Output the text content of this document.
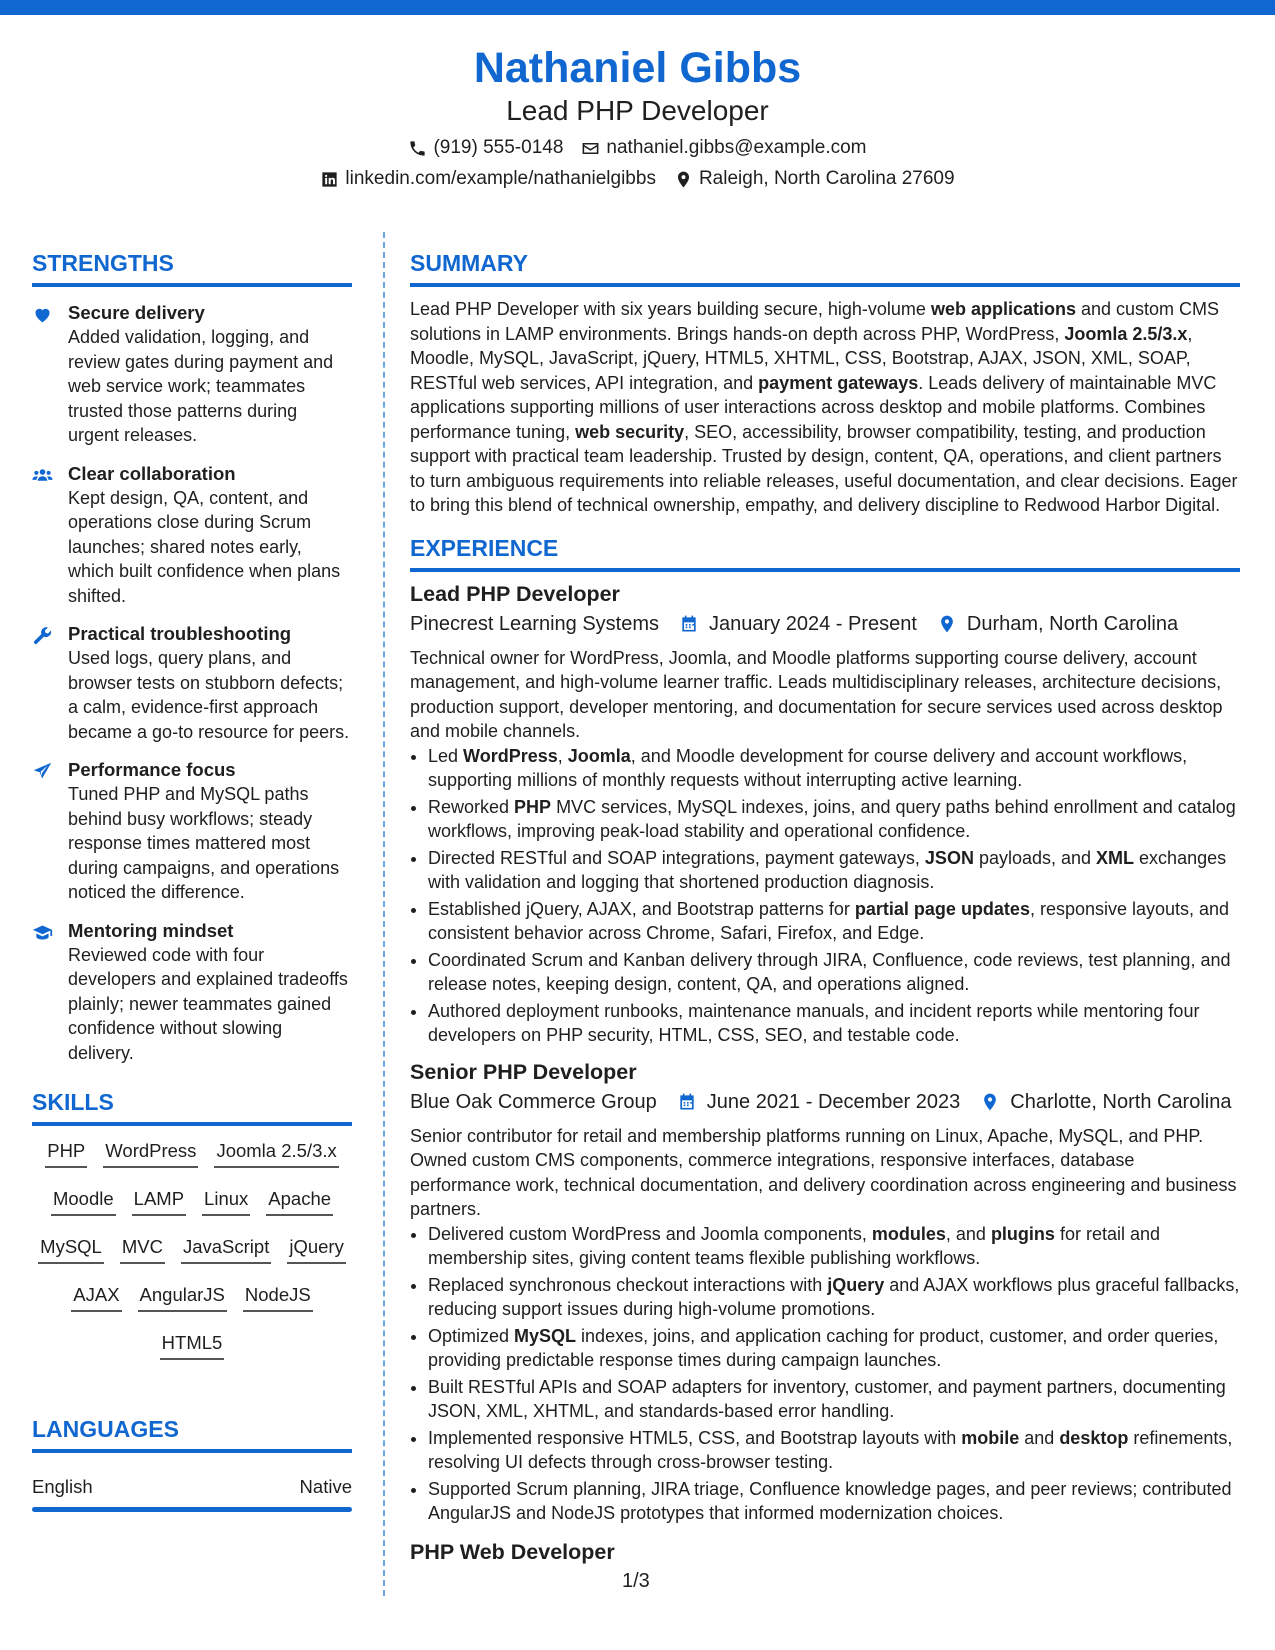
Nathaniel Gibbs
Lead PHP Developer
(919) 555-0148 nathaniel.gibbs@example.com
linkedin.com/example/nathanielgibbs Raleigh, North Carolina 27609
STRENGTHS
Secure delivery
Added validation, logging, and review gates during payment and web service work; teammates trusted those patterns during urgent releases.
Clear collaboration
Kept design, QA, content, and operations close during Scrum launches; shared notes early, which built confidence when plans shifted.
Practical troubleshooting
Used logs, query plans, and browser tests on stubborn defects; a calm, evidence-first approach became a go-to resource for peers.
Performance focus
Tuned PHP and MySQL paths behind busy workflows; steady response times mattered most during campaigns, and operations noticed the difference.
Mentoring mindset
Reviewed code with four developers and explained tradeoffs plainly; newer teammates gained confidence without slowing delivery.
SKILLS
PHP WordPress Joomla 2.5/3.x
Moodle LAMP Linux Apache
MySQL MVC JavaScript jQuery
AJAX AngularJS NodeJS
HTML5
LANGUAGES
English	Native
SUMMARY

Lead PHP Developer with six years building secure, high-volume web applications and custom CMS solutions in LAMP environments. Brings hands-on depth across PHP, WordPress, Joomla 2.5/3.x, Moodle, MySQL, JavaScript, jQuery, HTML5, XHTML, CSS, Bootstrap, AJAX, JSON, XML, SOAP, RESTful web services, API integration, and payment gateways. Leads delivery of maintainable MVC applications supporting millions of user interactions across desktop and mobile platforms. Combines performance tuning, web security, SEO, accessibility, browser compatibility, testing, and production support with practical team leadership. Trusted by design, content, QA, operations, and client partners to turn ambiguous requirements into reliable releases, useful documentation, and clear decisions. Eager to bring this blend of technical ownership, empathy, and delivery discipline to Redwood Harbor Digital.

EXPERIENCE
Lead PHP Developer
Pinecrest Learning Systems	January 2024 - Present	Durham, North Carolina

Technical owner for WordPress, Joomla, and Moodle platforms supporting course delivery, account management, and high-volume learner traffic. Leads multidisciplinary releases, architecture decisions, production support, developer mentoring, and documentation for secure services used across desktop and mobile channels.

• Led WordPress, Joomla, and Moodle development for course delivery and account workflows, supporting millions of monthly requests without interrupting active learning.
• Reworked PHP MVC services, MySQL indexes, joins, and query paths behind enrollment and catalog workflows, improving peak-load stability and operational confidence.
• Directed RESTful and SOAP integrations, payment gateways, JSON payloads, and XML exchanges with validation and logging that shortened production diagnosis.
• Established jQuery, AJAX, and Bootstrap patterns for partial page updates, responsive layouts, and consistent behavior across Chrome, Safari, Firefox, and Edge.
• Coordinated Scrum and Kanban delivery through JIRA, Confluence, code reviews, test planning, and release notes, keeping design, content, QA, and operations aligned.
• Authored deployment runbooks, maintenance manuals, and incident reports while mentoring four developers on PHP security, HTML, CSS, SEO, and testable code.
Senior PHP Developer
Blue Oak Commerce Group	June 2021 - December 2023	Charlotte, North Carolina

Senior contributor for retail and membership platforms running on Linux, Apache, MySQL, and PHP. Owned custom CMS components, commerce integrations, responsive interfaces, database performance work, technical documentation, and delivery coordination across engineering and business partners.

• Delivered custom WordPress and Joomla components, modules, and plugins for retail and membership sites, giving content teams flexible publishing workflows.
• Replaced synchronous checkout interactions with jQuery and AJAX workflows plus graceful fallbacks, reducing support issues during high-volume promotions.
• Optimized MySQL indexes, joins, and application caching for product, customer, and order queries, providing predictable response times during campaign launches.
• Built RESTful APIs and SOAP adapters for inventory, customer, and payment partners, documenting JSON, XML, XHTML, and standards-based error handling.
• Implemented responsive HTML5, CSS, and Bootstrap layouts with mobile and desktop refinements, resolving UI defects through cross-browser testing.
• Supported Scrum planning, JIRA triage, Confluence knowledge pages, and peer reviews; contributed AngularJS and NodeJS prototypes that informed modernization choices.
PHP Web Developer
1/3
